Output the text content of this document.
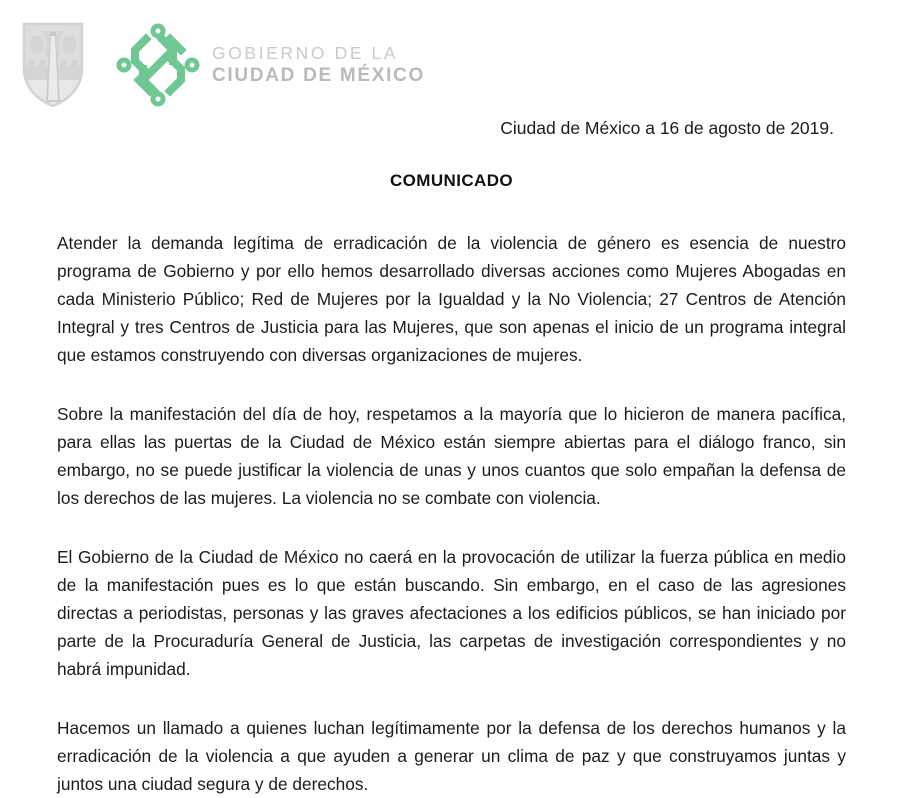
GOBIERNO DE LA
CIUDAD DE MÉXICO
Ciudad de México a 16 de agosto de 2019.
COMUNICADO

Atender la demanda legítima de erradicación de la violencia de género es esencia de nuestro programa de Gobierno y por ello hemos desarrollado diversas acciones como Mujeres Abogadas en cada Ministerio Público; Red de Mujeres por la Igualdad y la No Violencia; 27 Centros de Atención Integral y tres Centros de Justicia para las Mujeres, que son apenas el inicio de un programa integral que estamos construyendo con diversas organizaciones de mujeres.

Sobre la manifestación del día de hoy, respetamos a la mayoría que lo hicieron de manera pacífica, para ellas las puertas de la Ciudad de México están siempre abiertas para el diálogo franco, sin embargo, no se puede justificar la violencia de unas y unos cuantos que solo empañan la defensa de los derechos de las mujeres. La violencia no se combate con violencia.

El Gobierno de la Ciudad de México no caerá en la provocación de utilizar la fuerza pública en medio de la manifestación pues es lo que están buscando. Sin embargo, en el caso de las agresiones directas a periodistas, personas y las graves afectaciones a los edificios públicos, se han iniciado por parte de la Procuraduría General de Justicia, las carpetas de investigación correspondientes y no habrá impunidad.

Hacemos un llamado a quienes luchan legítimamente por la defensa de los derechos humanos y la erradicación de la violencia a que ayuden a generar un clima de paz y que construyamos juntas y juntos una ciudad segura y de derechos.
